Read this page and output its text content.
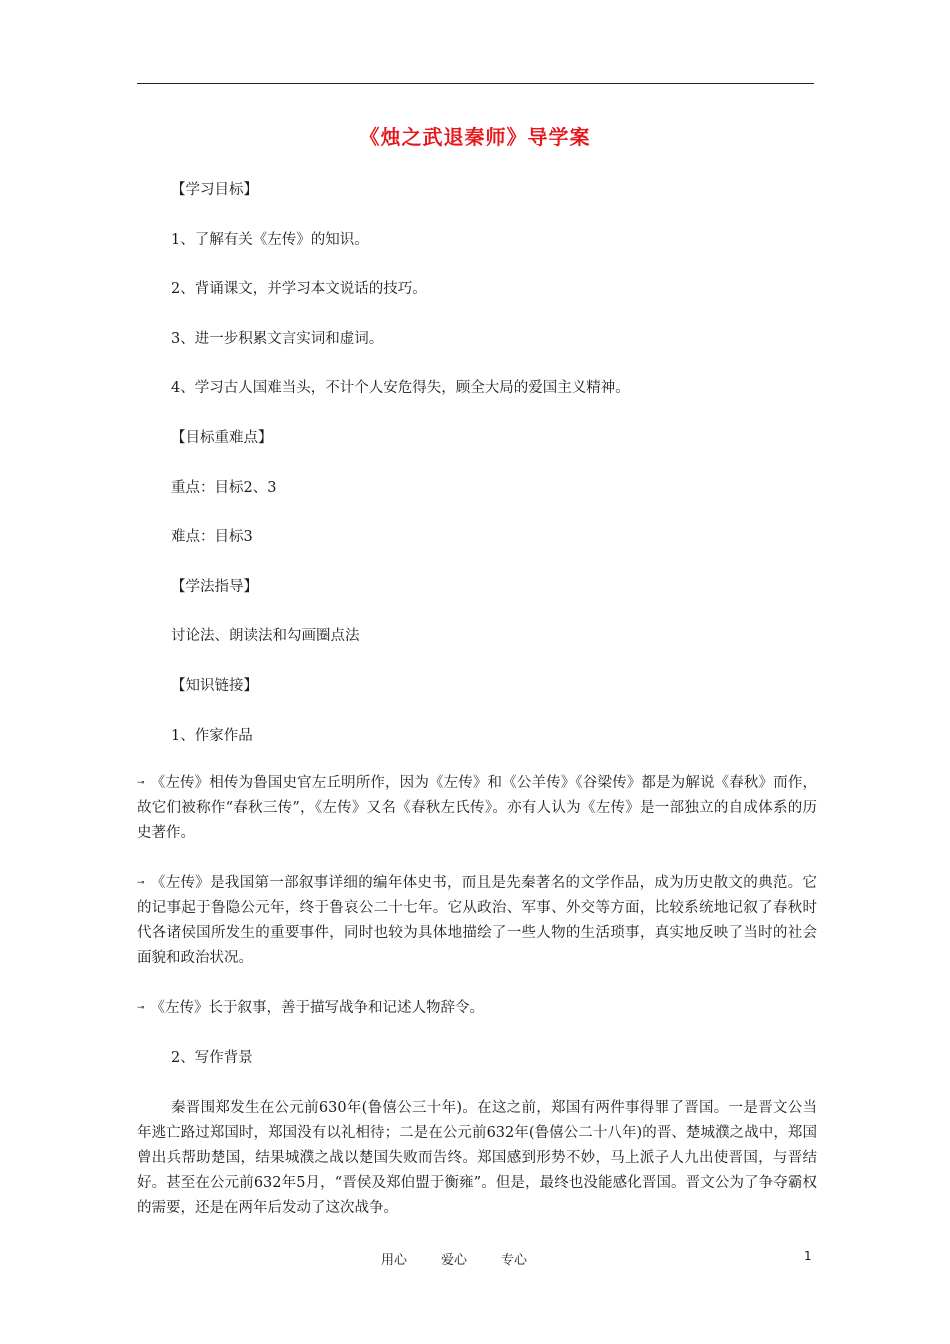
《烛之武退秦师》导学案
【学习目标】
1、了解有关《左传》的知识。
2、背诵课文，并学习本文说话的技巧。
3、进一步积累文言实词和虚词。
4、学习古人国难当头，不计个人安危得失，顾全大局的爱国主义精神。
【目标重难点】
重点：目标2、3
难点：目标3
【学法指导】
讨论法、朗读法和勾画圈点法
【知识链接】
1、作家作品
⊸ 《左传》相传为鲁国史官左丘明所作，因为《左传》和《公羊传》《谷梁传》都是为解说《春秋》而作，故它们被称作“春秋三传”，《左传》又名《春秋左氏传》。亦有人认为《左传》是一部独立的自成体系的历史著作。
⊸ 《左传》是我国第一部叙事详细的编年体史书，而且是先秦著名的文学作品，成为历史散文的典范。它的记事起于鲁隐公元年，终于鲁哀公二十七年。它从政治、军事、外交等方面，比较系统地记叙了春秋时代各诸侯国所发生的重要事件，同时也较为具体地描绘了一些人物的生活琐事，真实地反映了当时的社会面貌和政治状况。
⊸ 《左传》长于叙事，善于描写战争和记述人物辞令。
2、写作背景
秦晋围郑发生在公元前630年(鲁僖公三十年)。在这之前，郑国有两件事得罪了晋国。一是晋文公当年逃亡路过郑国时，郑国没有以礼相待；二是在公元前632年(鲁僖公二十八年)的晋、楚城濮之战中，郑国曾出兵帮助楚国，结果城濮之战以楚国失败而告终。郑国感到形势不妙，马上派子人九出使晋国，与晋结好。甚至在公元前632年5月，“晋侯及郑伯盟于衡雍”。但是，最终也没能感化晋国。晋文公为了争夺霸权的需要，还是在两年后发动了这次战争。
用心	爱心	专心	1
